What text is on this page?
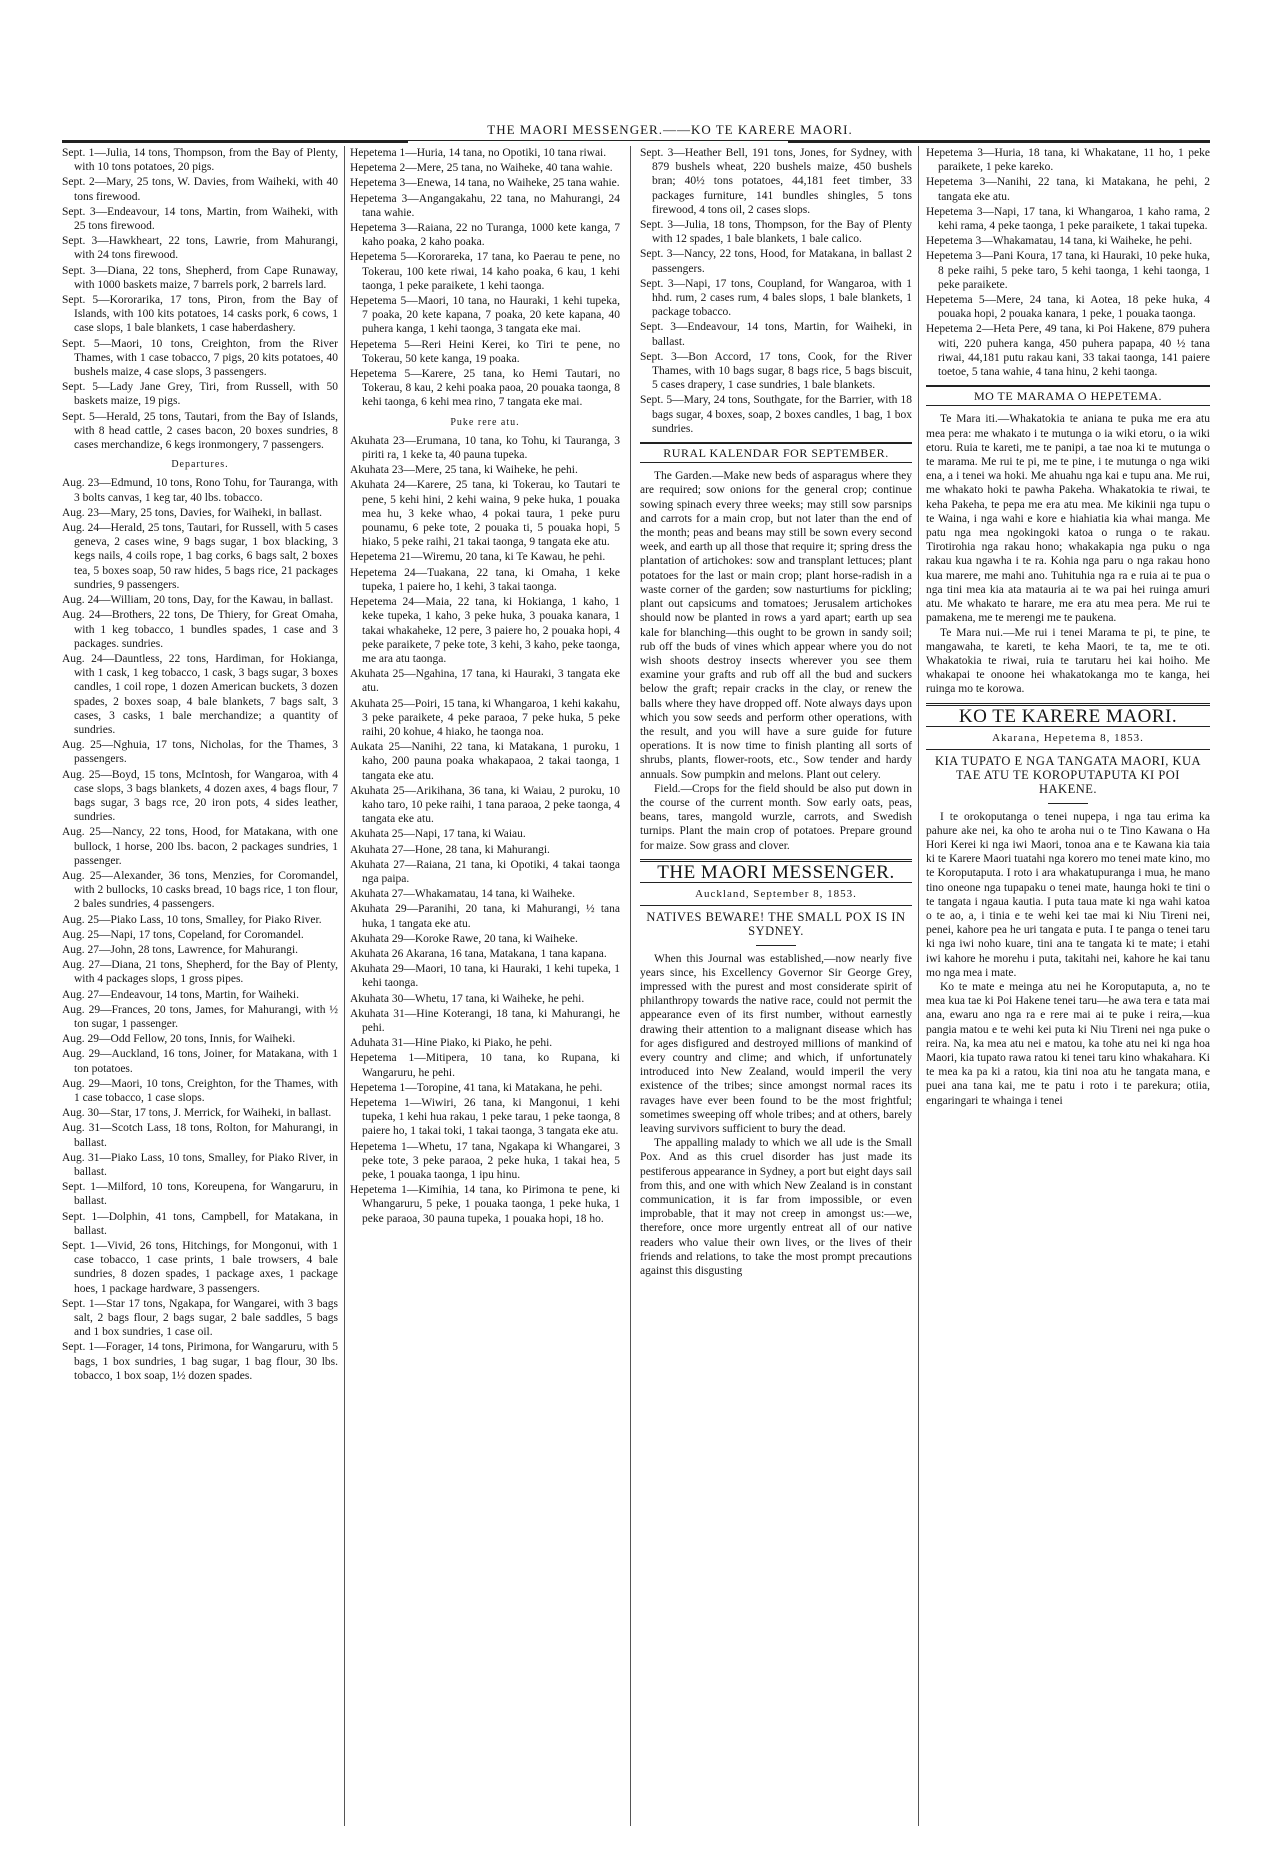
THE MAORI MESSENGER.——KO TE KARERE MAORI.

Sept. 1—Julia, 14 tons, Thompson, from the Bay of Plenty, with 10 tons potatoes, 20 pigs.

Sept. 2—Mary, 25 tons, W. Davies, from Waiheki, with 40 tons firewood.

Sept. 3—Endeavour, 14 tons, Martin, from Waiheki, with 25 tons firewood.

Sept. 3—Hawkheart, 22 tons, Lawrie, from Mahurangi, with 24 tons firewood.

Sept. 3—Diana, 22 tons, Shepherd, from Cape Runaway, with 1000 baskets maize, 7 barrels pork, 2 barrels lard.

Sept. 5—Kororarika, 17 tons, Piron, from the Bay of Islands, with 100 kits potatoes, 14 casks pork, 6 cows, 1 case slops, 1 bale blankets, 1 case haberdashery.

Sept. 5—Maori, 10 tons, Creighton, from the River Thames, with 1 case tobacco, 7 pigs, 20 kits potatoes, 40 bushels maize, 4 case slops, 3 passengers.

Sept. 5—Lady Jane Grey, Tiri, from Russell, with 50 baskets maize, 19 pigs.

Sept. 5—Herald, 25 tons, Tautari, from the Bay of Islands, with 8 head cattle, 2 cases bacon, 20 boxes sundries, 8 cases merchandize, 6 kegs ironmongery, 7 passengers.

Departures.

Aug. 23—Edmund, 10 tons, Rono Tohu, for Tauranga, with 3 bolts canvas, 1 keg tar, 40 lbs. tobacco.

Aug. 23—Mary, 25 tons, Davies, for Waiheki, in ballast.

Aug. 24—Herald, 25 tons, Tautari, for Russell, with 5 cases geneva, 2 cases wine, 9 bags sugar, 1 box blacking, 3 kegs nails, 4 coils rope, 1 bag corks, 6 bags salt, 2 boxes tea, 5 boxes soap, 50 raw hides, 5 bags rice, 21 packages sundries, 9 passengers.

Aug. 24—William, 20 tons, Day, for the Kawau, in ballast.

Aug. 24—Brothers, 22 tons, De Thiery, for Great Omaha, with 1 keg tobacco, 1 bundles spades, 1 case and 3 packages. sundries.

Aug. 24—Dauntless, 22 tons, Hardiman, for Hokianga, with 1 cask, 1 keg tobacco, 1 cask, 3 bags sugar, 3 boxes candles, 1 coil rope, 1 dozen American buckets, 3 dozen spades, 2 boxes soap, 4 bale blankets, 7 bags salt, 3 cases, 3 casks, 1 bale merchandize; a quantity of sundries.

Aug. 25—Nghuia, 17 tons, Nicholas, for the Thames, 3 passengers.

Aug. 25—Boyd, 15 tons, McIntosh, for Wangaroa, with 4 case slops, 3 bags blankets, 4 dozen axes, 4 bags flour, 7 bags sugar, 3 bags rce, 20 iron pots, 4 sides leather, sundries.

Aug. 25—Nancy, 22 tons, Hood, for Matakana, with one bullock, 1 horse, 200 lbs. bacon, 2 packages sundries, 1 passenger.

Aug. 25—Alexander, 36 tons, Menzies, for Coromandel, with 2 bullocks, 10 casks bread, 10 bags rice, 1 ton flour, 2 bales sundries, 4 passengers.

Aug. 25—Piako Lass, 10 tons, Smalley, for Piako River.

Aug. 25—Napi, 17 tons, Copeland, for Coromandel.

Aug. 27—John, 28 tons, Lawrence, for Mahurangi.

Aug. 27—Diana, 21 tons, Shepherd, for the Bay of Plenty, with 4 packages slops, 1 gross pipes.

Aug. 27—Endeavour, 14 tons, Martin, for Waiheki.

Aug. 29—Frances, 20 tons, James, for Mahurangi, with ½ ton sugar, 1 passenger.

Aug. 29—Odd Fellow, 20 tons, Innis, for Waiheki.

Aug. 29—Auckland, 16 tons, Joiner, for Matakana, with 1 ton potatoes.

Aug. 29—Maori, 10 tons, Creighton, for the Thames, with 1 case tobacco, 1 case slops.

Aug. 30—Star, 17 tons, J. Merrick, for Waiheki, in ballast.

Aug. 31—Scotch Lass, 18 tons, Rolton, for Mahurangi, in ballast.

Aug. 31—Piako Lass, 10 tons, Smalley, for Piako River, in ballast.

Sept. 1—Milford, 10 tons, Koreupena, for Wangaruru, in ballast.

Sept. 1—Dolphin, 41 tons, Campbell, for Matakana, in ballast.

Sept. 1—Vivid, 26 tons, Hitchings, for Mongonui, with 1 case tobacco, 1 case prints, 1 bale trowsers, 4 bale sundries, 8 dozen spades, 1 package axes, 1 package hoes, 1 package hardware, 3 passengers.

Sept. 1—Star 17 tons, Ngakapa, for Wangarei, with 3 bags salt, 2 bags flour, 2 bags sugar, 2 bale saddles, 5 bags and 1 box sundries, 1 case oil.

Sept. 1—Forager, 14 tons, Pirimona, for Wangaruru, with 5 bags, 1 box sundries, 1 bag sugar, 1 bag flour, 30 lbs. tobacco, 1 box soap, 1½ dozen spades.

Hepetema 1—Huria, 14 tana, no Opotiki, 10 tana riwai.

Hepetema 2—Mere, 25 tana, no Waiheke, 40 tana wahie.

Hepetema 3—Enewa, 14 tana, no Waiheke, 25 tana wahie.

Hepetema 3—Angangakahu, 22 tana, no Mahurangi, 24 tana wahie.

Hepetema 3—Raiana, 22 no Turanga, 1000 kete kanga, 7 kaho poaka, 2 kaho poaka.

Hepetema 5—Kororareka, 17 tana, ko Paerau te pene, no Tokerau, 100 kete riwai, 14 kaho poaka, 6 kau, 1 kehi taonga, 1 peke paraikete, 1 kehi taonga.

Hepetema 5—Maori, 10 tana, no Hauraki, 1 kehi tupeka, 7 poaka, 20 kete kapana, 7 poaka, 20 kete kapana, 40 puhera kanga, 1 kehi taonga, 3 tangata eke mai.

Hepetema 5—Reri Heini Kerei, ko Tiri te pene, no Tokerau, 50 kete kanga, 19 poaka.

Hepetema 5—Karere, 25 tana, ko Hemi Tautari, no Tokerau, 8 kau, 2 kehi poaka paoa, 20 pouaka taonga, 8 kehi taonga, 6 kehi mea rino, 7 tangata eke mai.

Puke rere atu.

Akuhata 23—Erumana, 10 tana, ko Tohu, ki Tauranga, 3 piriti ra, 1 keke ta, 40 pauna tupeka.

Akuhata 23—Mere, 25 tana, ki Waiheke, he pehi.

Akuhata 24—Karere, 25 tana, ki Tokerau, ko Tautari te pene, 5 kehi hini, 2 kehi waina, 9 peke huka, 1 pouaka mea hu, 3 keke whao, 4 pokai taura, 1 peke puru pounamu, 6 peke tote, 2 pouaka ti, 5 pouaka hopi, 5 hiako, 5 peke raihi, 21 takai taonga, 9 tangata eke atu.

Hepetema 21—Wiremu, 20 tana, ki Te Kawau, he pehi.

Hepetema 24—Tuakana, 22 tana, ki Omaha, 1 keke tupeka, 1 paiere ho, 1 kehi, 3 takai taonga.

Hepetema 24—Maia, 22 tana, ki Hokianga, 1 kaho, 1 keke tupeka, 1 kaho, 3 peke huka, 3 pouaka kanara, 1 takai whakaheke, 12 pere, 3 paiere ho, 2 pouaka hopi, 4 peke paraikete, 7 peke tote, 3 kehi, 3 kaho, peke taonga, me ara atu taonga.

Akuhata 25—Ngahina, 17 tana, ki Hauraki, 3 tangata eke atu.

Akuhata 25—Poiri, 15 tana, ki Whangaroa, 1 kehi kakahu, 3 peke paraikete, 4 peke paraoa, 7 peke huka, 5 peke raihi, 20 kohue, 4 hiako, he taonga noa.

Aukata 25—Nanihi, 22 tana, ki Matakana, 1 puroku, 1 kaho, 200 pauna poaka whakapaoa, 2 takai taonga, 1 tangata eke atu.

Akuhata 25—Arikihana, 36 tana, ki Waiau, 2 puroku, 10 kaho taro, 10 peke raihi, 1 tana paraoa, 2 peke taonga, 4 tangata eke atu.

Akuhata 25—Napi, 17 tana, ki Waiau.

Akuhata 27—Hone, 28 tana, ki Mahurangi.

Akuhata 27—Raiana, 21 tana, ki Opotiki, 4 takai taonga nga paipa.

Akuhata 27—Whakamatau, 14 tana, ki Waiheke.

Akuhata 29—Paranihi, 20 tana, ki Mahurangi, ½ tana huka, 1 tangata eke atu.

Akuhata 29—Koroke Rawe, 20 tana, ki Waiheke.

Akuhata 26 Akarana, 16 tana, Matakana, 1 tana kapana.

Akuhata 29—Maori, 10 tana, ki Hauraki, 1 kehi tupeka, 1 kehi taonga.

Akuhata 30—Whetu, 17 tana, ki Waiheke, he pehi.

Akuhata 31—Hine Koterangi, 18 tana, ki Mahurangi, he pehi.

Aduhata 31—Hine Piako, ki Piako, he pehi.

Hepetema 1—Mitipera, 10 tana, ko Rupana, ki Wangaruru, he pehi.

Hepetema 1—Toropine, 41 tana, ki Matakana, he pehi.

Hepetema 1—Wiwiri, 26 tana, ki Mangonui, 1 kehi tupeka, 1 kehi hua rakau, 1 peke tarau, 1 peke taonga, 8 paiere ho, 1 takai toki, 1 takai taonga, 3 tangata eke atu.

Hepetema 1—Whetu, 17 tana, Ngakapa ki Whangarei, 3 peke tote, 3 peke paraoa, 2 peke huka, 1 takai hea, 5 peke, 1 pouaka taonga, 1 ipu hinu.

Hepetema 1—Kimihia, 14 tana, ko Pirimona te pene, ki Whangaruru, 5 peke, 1 pouaka taonga, 1 peke huka, 1 peke paraoa, 30 pauna tupeka, 1 pouaka hopi, 18 ho.

Sept. 3—Heather Bell, 191 tons, Jones, for Sydney, with 879 bushels wheat, 220 bushels maize, 450 bushels bran; 40½ tons potatoes, 44,181 feet timber, 33 packages furniture, 141 bundles shingles, 5 tons firewood, 4 tons oil, 2 cases slops.

Sept. 3—Julia, 18 tons, Thompson, for the Bay of Plenty with 12 spades, 1 bale blankets, 1 bale calico.

Sept. 3—Nancy, 22 tons, Hood, for Matakana, in ballast 2 passengers.

Sept. 3—Napi, 17 tons, Coupland, for Wangaroa, with 1 hhd. rum, 2 cases rum, 4 bales slops, 1 bale blankets, 1 package tobacco.

Sept. 3—Endeavour, 14 tons, Martin, for Waiheki, in ballast.

Sept. 3—Bon Accord, 17 tons, Cook, for the River Thames, with 10 bags sugar, 8 bags rice, 5 bags biscuit, 5 cases drapery, 1 case sundries, 1 bale blankets.

Sept. 5—Mary, 24 tons, Southgate, for the Barrier, with 18 bags sugar, 4 boxes, soap, 2 boxes candles, 1 bag, 1 box sundries.

RURAL KALENDAR FOR SEPTEMBER.

The Garden.—Make new beds of asparagus where they are required; sow onions for the general crop; continue sowing spinach every three weeks; may still sow parsnips and carrots for a main crop, but not later than the end of the month; peas and beans may still be sown every second week, and earth up all those that require it; spring dress the plantation of artichokes: sow and transplant lettuces; plant potatoes for the last or main crop; plant horse-radish in a waste corner of the garden; sow nasturtiums for pickling; plant out capsicums and tomatoes; Jerusalem artichokes should now be planted in rows a yard apart; earth up sea kale for blanching—this ought to be grown in sandy soil; rub off the buds of vines which appear where you do not wish shoots destroy insects wherever you see them examine your grafts and rub off all the bud and suckers below the graft; repair cracks in the clay, or renew the balls where they have dropped off. Note always days upon which you sow seeds and perform other operations, with the result, and you will have a sure guide for future operations. It is now time to finish planting all sorts of shrubs, plants, flower-roots, etc., Sow tender and hardy annuals. Sow pumpkin and melons. Plant out celery.

Field.—Crops for the field should be also put down in the course of the current month. Sow early oats, peas, beans, tares, mangold wurzle, carrots, and Swedish turnips. Plant the main crop of potatoes. Prepare ground for maize. Sow grass and clover.

THE MAORI MESSENGER.
Auckland, September 8, 1853.
NATIVES BEWARE! THE SMALL POX IS IN SYDNEY.

When this Journal was established,—now nearly five years since, his Excellency Governor Sir George Grey, impressed with the purest and most considerate spirit of philanthropy towards the native race, could not permit the appearance even of its first number, without earnestly drawing their attention to a malignant disease which has for ages disfigured and destroyed millions of mankind of every country and clime; and which, if unfortunately introduced into New Zealand, would imperil the very existence of the tribes; since amongst normal races its ravages have ever been found to be the most frightful; sometimes sweeping off whole tribes; and at others, barely leaving survivors sufficient to bury the dead.

The appalling malady to which we all ude is the Small Pox. And as this cruel disorder has just made its pestiferous appearance in Sydney, a port but eight days sail from this, and one with which New Zealand is in constant communication, it is far from impossible, or even improbable, that it may not creep in amongst us:—we, therefore, once more urgently entreat all of our native readers who value their own lives, or the lives of their friends and relations, to take the most prompt precautions against this disgusting

Hepetema 3—Huria, 18 tana, ki Whakatane, 11 ho, 1 peke paraikete, 1 peke kareko.

Hepetema 3—Nanihi, 22 tana, ki Matakana, he pehi, 2 tangata eke atu.

Hepetema 3—Napi, 17 tana, ki Whangaroa, 1 kaho rama, 2 kehi rama, 4 peke taonga, 1 peke paraikete, 1 takai tupeka.

Hepetema 3—Whakamatau, 14 tana, ki Waiheke, he pehi.

Hepetema 3—Pani Koura, 17 tana, ki Hauraki, 10 peke huka, 8 peke raihi, 5 peke taro, 5 kehi taonga, 1 kehi taonga, 1 peke paraikete.

Hepetema 5—Mere, 24 tana, ki Aotea, 18 peke huka, 4 pouaka hopi, 2 pouaka kanara, 1 peke, 1 pouaka taonga.

Hepetema 2—Heta Pere, 49 tana, ki Poi Hakene, 879 puhera witi, 220 puhera kanga, 450 puhera papapa, 40 ½ tana riwai, 44,181 putu rakau kani, 33 takai taonga, 141 paiere toetoe, 5 tana wahie, 4 tana hinu, 2 kehi taonga.

MO TE MARAMA O HEPETEMA.

Te Mara iti.—Whakatokia te aniana te puka me era atu mea pera: me whakato i te mutunga o ia wiki etoru, o ia wiki etoru. Ruia te kareti, me te panipi, a tae noa ki te mutunga o te marama. Me rui te pi, me te pine, i te mutunga o nga wiki ena, a i tenei wa hoki. Me ahuahu nga kai e tupu ana. Me rui, me whakato hoki te pawha Pakeha. Whakatokia te riwai, te keha Pakeha, te pepa me era atu mea. Me kikinii nga tupu o te Waina, i nga wahi e kore e hiahiatia kia whai manga. Me patu nga mea ngokingoki katoa o runga o te rakau. Tirotirohia nga rakau hono; whakakapia nga puku o nga rakau kua ngawha i te ra. Kohia nga paru o nga rakau hono kua marere, me mahi ano. Tuhituhia nga ra e ruia ai te pua o nga tini mea kia ata matauria ai te wa pai hei ruinga amuri atu. Me whakato te harare, me era atu mea pera. Me rui te pamakena, me te merengi me te paukena.

Te Mara nui.—Me rui i tenei Marama te pi, te pine, te mangawaha, te kareti, te keha Maori, te ta, me te oti. Whakatokia te riwai, ruia te tarutaru hei kai hoiho. Me whakapai te onoone hei whakatokanga mo te kanga, hei ruinga mo te korowa.

KO TE KARERE MAORI.
Akarana, Hepetema 8, 1853.
KIA TUPATO E NGA TANGATA MAORI, KUA TAE ATU TE KOROPUTAPUTA KI POI HAKENE.

I te orokoputanga o tenei nupepa, i nga tau erima ka pahure ake nei, ka oho te aroha nui o te Tino Kawana o Ha Hori Kerei ki nga iwi Maori, tonoa ana e te Kawana kia taia ki te Karere Maori tuatahi nga korero mo tenei mate kino, mo te Koroputaputa. I roto i ara whakatupuranga i mua, he mano tino oneone nga tupapaku o tenei mate, haunga hoki te tini o te tangata i ngaua kautia. I puta taua mate ki nga wahi katoa o te ao, a, i tinia e te wehi kei tae mai ki Niu Tireni nei, penei, kahore pea he uri tangata e puta. I te panga o tenei taru ki nga iwi noho kuare, tini ana te tangata ki te mate; i etahi iwi kahore he morehu i puta, takitahi nei, kahore he kai tanu mo nga mea i mate.

Ko te mate e meinga atu nei he Koroputaputa, a, no te mea kua tae ki Poi Hakene tenei taru—he awa tera e tata mai ana, ewaru ano nga ra e rere mai ai te puke i reira,—kua pangia matou e te wehi kei puta ki Niu Tireni nei nga puke o reira. Na, ka mea atu nei e matou, ka tohe atu nei ki nga hoa Maori, kia tupato rawa ratou ki tenei taru kino whakahara. Ki te mea ka pa ki a ratou, kia tini noa atu he tangata mana, e puei ana tana kai, me te patu i roto i te parekura; otiia, engaringari te whainga i tenei
